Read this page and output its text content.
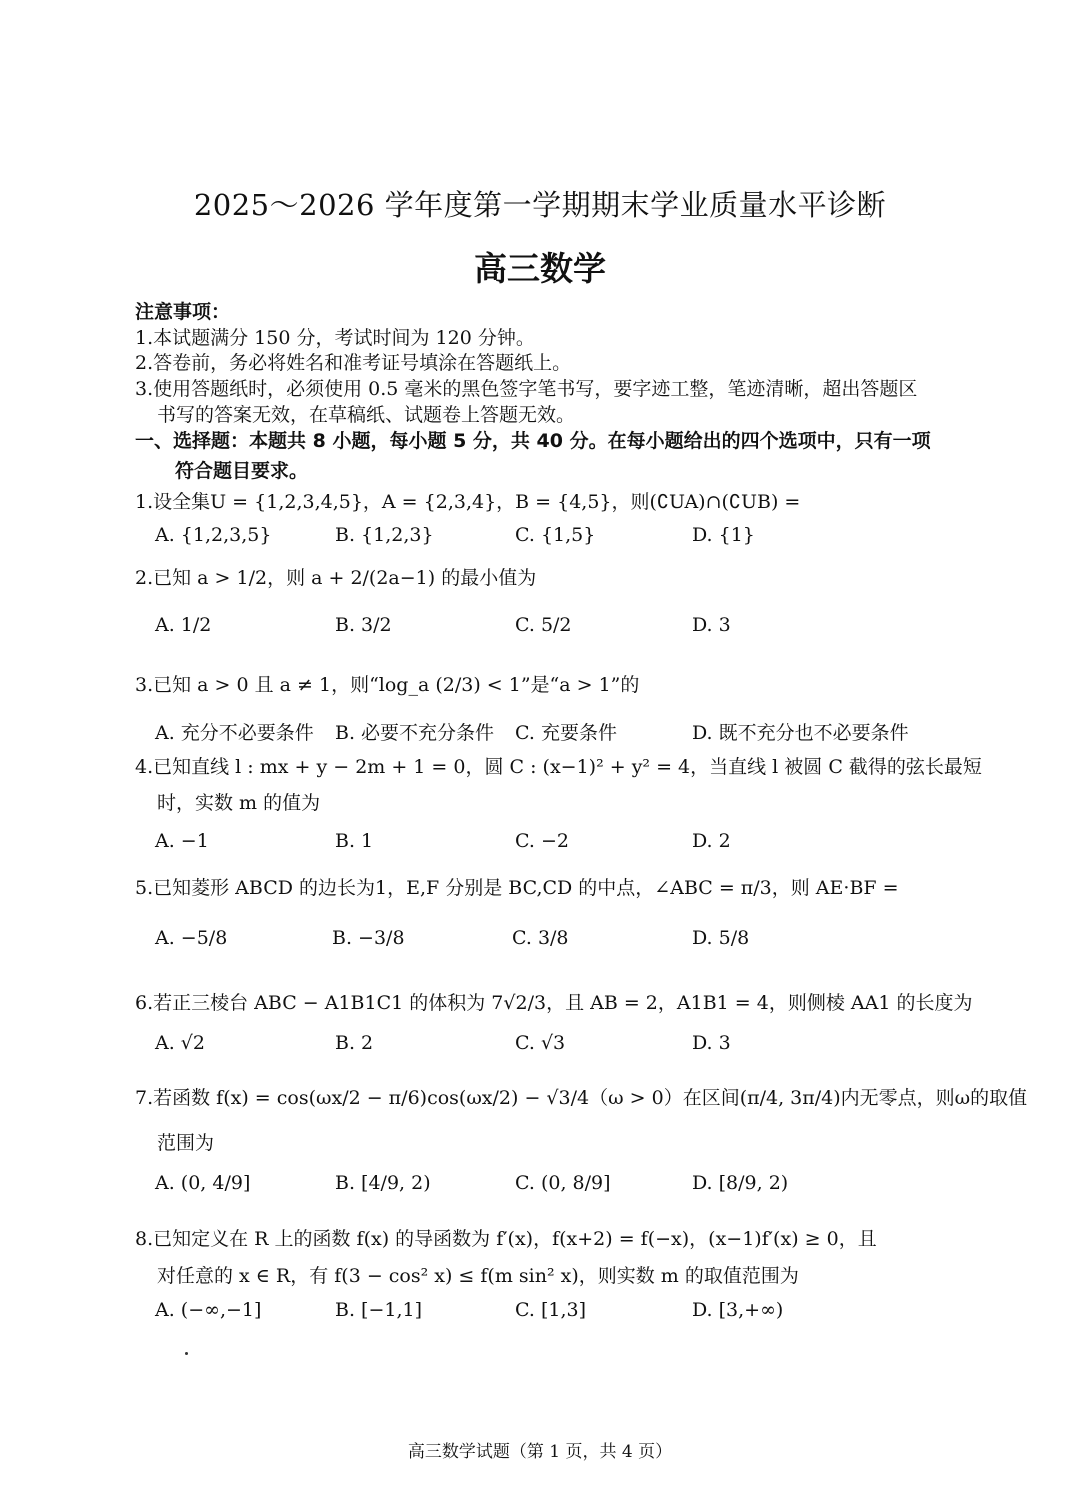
2025～2026 学年度第一学期期末学业质量水平诊断
高三数学
注意事项：
1.本试题满分 150 分，考试时间为 120 分钟。
2.答卷前，务必将姓名和准考证号填涂在答题纸上。
3.使用答题纸时，必须使用 0.5 毫米的黑色签字笔书写，要字迹工整，笔迹清晰，超出答题区
书写的答案无效，在草稿纸、试题卷上答题无效。
一、选择题：本题共 8 小题，每小题 5 分，共 40 分。在每小题给出的四个选项中，只有一项
符合题目要求。
1.设全集U = {1,2,3,4,5}，A = {2,3,4}，B = {4,5}，则(∁UA)∩(∁UB) =
A. {1,2,3,5}	B. {1,2,3}	C. {1,5}	D. {1}
2.已知 a > 1/2，则 a + 2/(2a−1) 的最小值为
A. 1/2	B. 3/2	C. 5/2	D. 3
3.已知 a > 0 且 a ≠ 1，则“log_a (2/3) < 1”是“a > 1”的
A. 充分不必要条件 B. 必要不充分条件 C. 充要条件	D. 既不充分也不必要条件
4.已知直线 l : mx + y − 2m + 1 = 0，圆 C : (x−1)² + y² = 4，当直线 l 被圆 C 截得的弦长最短
时，实数 m 的值为
A. −1	B. 1	C. −2	D. 2
5.已知菱形 ABCD 的边长为1，E,F 分别是 BC,CD 的中点，∠ABC = π/3，则 AE·BF =
A. −5/8	B. −3/8	C. 3/8	D. 5/8
6.若正三棱台 ABC − A1B1C1 的体积为 7√2/3，且 AB = 2，A1B1 = 4，则侧棱 AA1 的长度为
A. √2	B. 2	C. √3	D. 3
7.若函数 f(x) = cos(ωx/2 − π/6)cos(ωx/2) − √3/4（ω > 0）在区间(π/4, 3π/4)内无零点，则ω的取值
范围为
A. (0, 4/9]	B. [4/9, 2)	C. (0, 8/9]	D. [8/9, 2)
8.已知定义在 R 上的函数 f(x) 的导函数为 f′(x)，f(x+2) = f(−x)，(x−1)f′(x) ≥ 0，且
对任意的 x ∈ R，有 f(3 − cos² x) ≤ f(m sin² x)，则实数 m 的取值范围为
A. (−∞,−1]	B. [−1,1]	C. [1,3]	D. [3,+∞)
高三数学试题（第 1 页，共 4 页）
